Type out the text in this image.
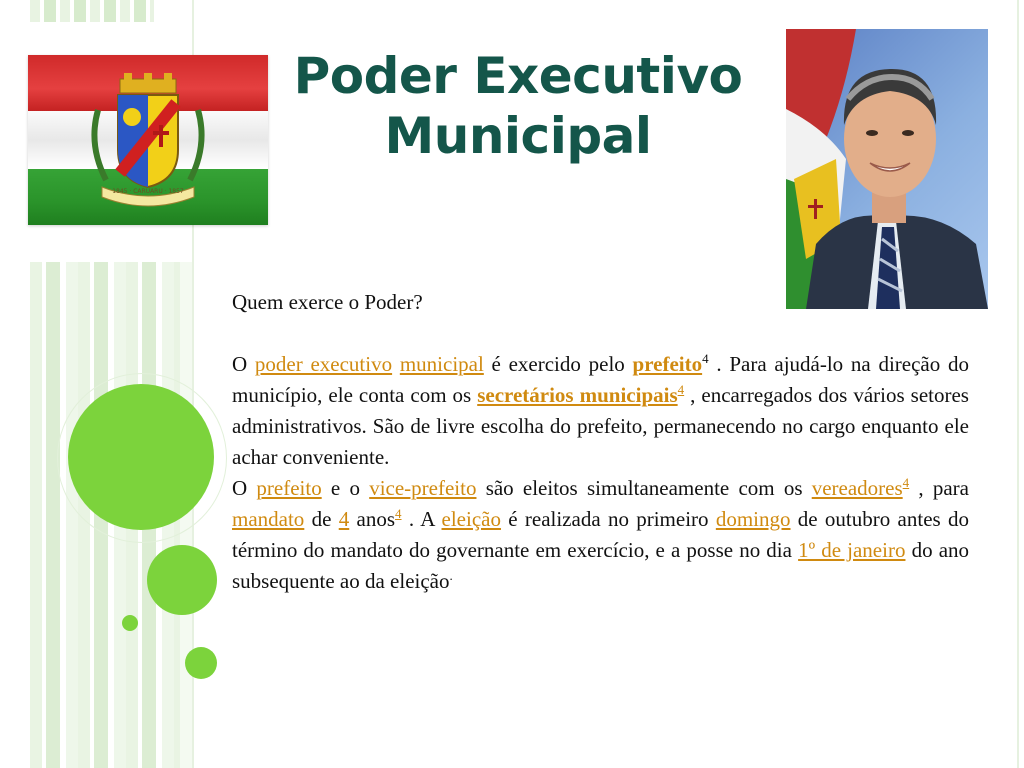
1845 · CARUARU · 1857
Poder Executivo
Municipal

Quem exerce o Poder?

O poder executivo municipal é exercido pelo prefeito$^4$ . Para ajudá-lo na direção do município, ele conta com os secretários municipais$^4$ , encarregados dos vários setores administrativos. São de livre escolha do prefeito, permanecendo no cargo enquanto ele achar conveniente.

O prefeito e o vice-prefeito são eleitos simultaneamente com os vereadores$^4$ , para mandato de 4 anos$^4$ . A eleição é realizada no primeiro domingo de outubro antes do término do mandato do governante em exercício, e a posse no dia 1º de janeiro do ano subsequente ao da eleição.
